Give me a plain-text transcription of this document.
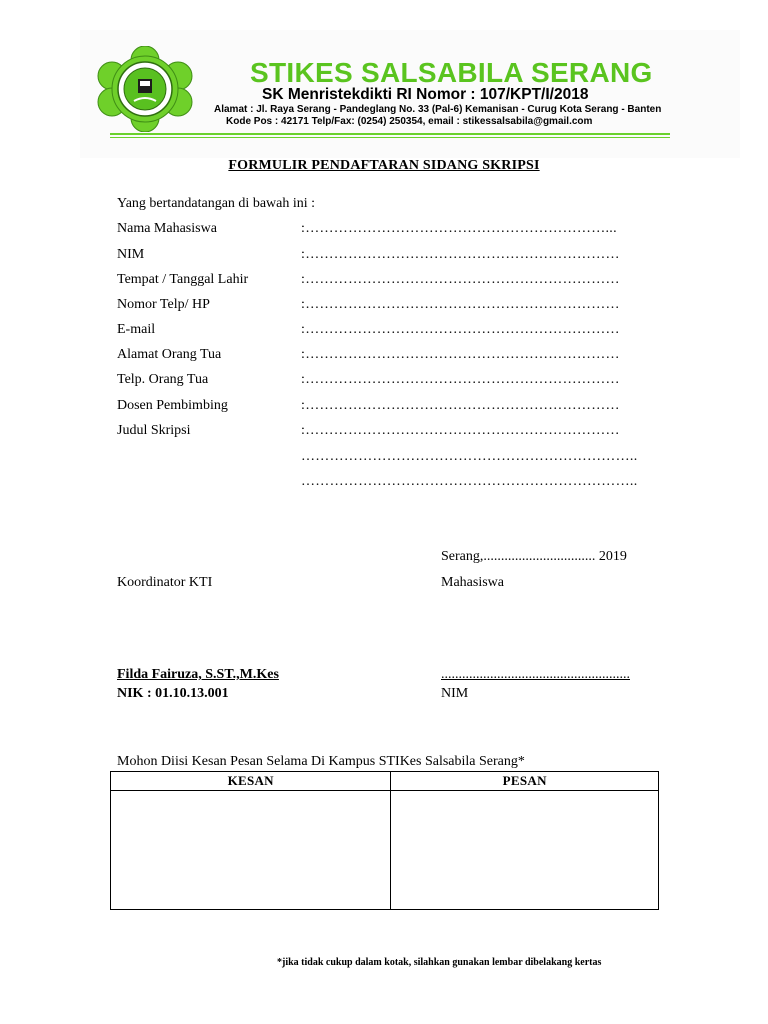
STIKES SALSABILA SERANG
SK Menristekdikti RI Nomor : 107/KPT/I/2018
Alamat : Jl. Raya Serang - Pandeglang No. 33 (Pal-6) Kemanisan - Curug Kota Serang - Banten
Kode Pos : 42171 Telp/Fax: (0254) 250354, email : stikessalsabila@gmail.com
FORMULIR PENDAFTARAN SIDANG SKRIPSI
Yang bertandatangan di bawah ini :
Nama Mahasiswa	:………………………………………………………...
NIM	:…………………………………………………………
Tempat / Tanggal Lahir	:…………………………………………………………
Nomor Telp/ HP	:…………………………………………………………
E-mail	:…………………………………………………………
Alamat Orang Tua	:…………………………………………………………
Telp. Orang Tua	:…………………………………………………………
Dosen Pembimbing	:…………………………………………………………
Judul Skripsi	:…………………………………………………………
……………………………………………………………..
……………………………………………………………..
Serang,................................ 2019
Koordinator KTI	Mahasiswa
Filda Fairuza, S.ST.,M.Kes
NIK : 01.10.13.001
......................................................
NIM
Mohon Diisi Kesan Pesan Selama Di Kampus STIKes Salsabila Serang*
KESAN	PESAN

*jika tidak cukup dalam kotak, silahkan gunakan lembar dibelakang kertas
